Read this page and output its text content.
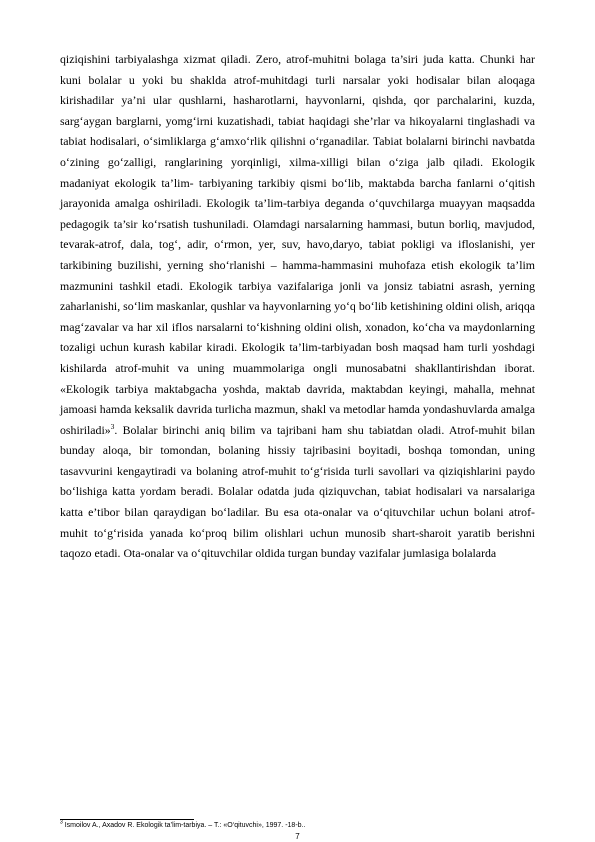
qiziqishini tarbiyalashga xizmat qiladi. Zero, atrof-muhitni bolaga ta’siri juda katta. Chunki har kuni bolalar u yoki bu shaklda atrof-muhitdagi turli narsalar yoki hodisalar bilan aloqaga kirishadilar ya’ni ular qushlarni, hasharotlarni, hayvonlarni, qishda, qor parchalarini, kuzda, sarg‘aygan barglarni, yomg‘irni kuzatishadi, tabiat haqidagi she’rlar va hikoyalarni tinglashadi va tabiat hodisalari, o‘simliklarga g‘amxo‘rlik qilishni o‘rganadilar. Tabiat bolalarni birinchi navbatda o‘zining go‘zalligi, ranglarining yorqinligi, xilma-xilligi bilan o‘ziga jalb qiladi. Ekologik madaniyat ekologik ta’lim- tarbiyaning tarkibiy qismi bo‘lib, maktabda barcha fanlarni o‘qitish jarayonida amalga oshiriladi. Ekologik ta’lim-tarbiya deganda o‘quvchilarga muayyan maqsadda pedagogik ta’sir ko‘rsatish tushuniladi. Olamdagi narsalarning hammasi, butun borliq, mavjudod, tevarak-atrof, dala, tog‘, adir, o‘rmon, yer, suv, havo,daryo, tabiat pokligi va ifloslanishi, yer tarkibining buzilishi, yerning sho‘rlanishi – hamma-hammasini muhofaza etish ekologik ta’lim mazmunini tashkil etadi. Ekologik tarbiya vazifalariga jonli va jonsiz tabiatni asrash, yerning zaharlanishi, so‘lim maskanlar, qushlar va hayvonlarning yo‘q bo‘lib ketishining oldini olish, ariqqa mag‘zavalar va har xil iflos narsalarni to‘kishning oldini olish, xonadon, ko‘cha va maydonlarning tozaligi uchun kurash kabilar kiradi. Ekologik ta’lim-tarbiyadan bosh maqsad ham turli yoshdagi kishilarda atrof-muhit va uning muammolariga ongli munosabatni shakllantirishdan iborat. «Ekologik tarbiya maktabgacha yoshda, maktab davrida, maktabdan keyingi, mahalla, mehnat jamoasi hamda keksalik davrida turlicha mazmun, shakl va metodlar hamda yondashuvlarda amalga oshiriladi»$^3$. Bolalar birinchi aniq bilim va tajribani ham shu tabiatdan oladi. Atrof-muhit bilan bunday aloqa, bir tomondan, bolaning hissiy tajribasini boyitadi, boshqa tomondan, uning tasavvurini kengaytiradi va bolaning atrof-muhit to‘g‘risida turli savollari va qiziqishlarini paydo bo‘lishiga katta yordam beradi. Bolalar odatda juda qiziquvchan, tabiat hodisalari va narsalariga katta e’tibor bilan qaraydigan bo‘ladilar. Bu esa ota-onalar va o‘qituvchilar uchun bolani atrof-muhit to‘g‘risida yanada ko‘proq bilim olishlari uchun munosib shart-sharoit yaratib berishni taqozo etadi. Ota-onalar va o‘qituvchilar oldida turgan bunday vazifalar jumlasiga bolalarda

$^3$ Ismoilov A., Axadov R. Ekologik ta’lim-tarbiya. – T.: «O‘qituvchi», 1997. -18-b..
7
